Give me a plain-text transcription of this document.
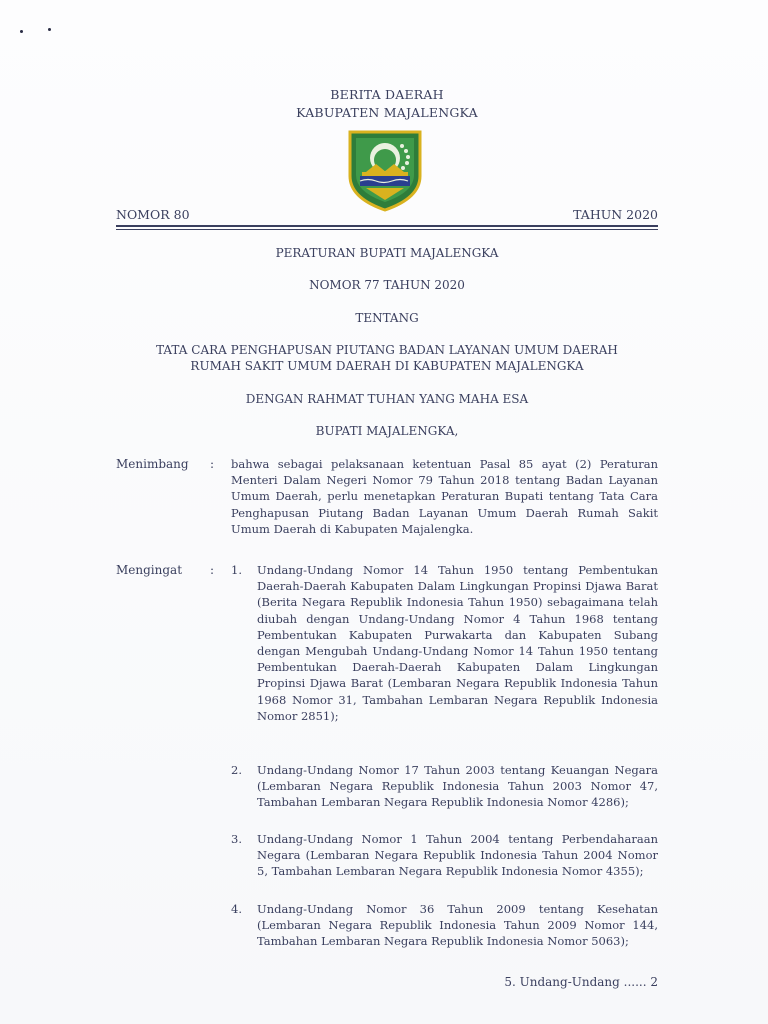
BERITA DAERAH
KABUPATEN MAJALENGKA
NOMOR 80	TAHUN 2020
PERATURAN BUPATI MAJALENGKA
NOMOR 77 TAHUN 2020
TENTANG
TATA CARA PENGHAPUSAN PIUTANG BADAN LAYANAN UMUM DAERAH
RUMAH SAKIT UMUM DAERAH DI KABUPATEN MAJALENGKA
DENGAN RAHMAT TUHAN YANG MAHA ESA
BUPATI MAJALENGKA,
Menimbang : bahwa sebagai pelaksanaan ketentuan Pasal 85 ayat (2) Peraturan Menteri Dalam Negeri Nomor 79 Tahun 2018 tentang Badan Layanan Umum Daerah, perlu menetapkan Peraturan Bupati tentang Tata Cara Penghapusan Piutang Badan Layanan Umum Daerah Rumah Sakit Umum Daerah di Kabupaten Majalengka.
Mengingat : 1. Undang-Undang Nomor 14 Tahun 1950 tentang Pembentukan Daerah-Daerah Kabupaten Dalam Lingkungan Propinsi Djawa Barat (Berita Negara Republik Indonesia Tahun 1950) sebagaimana telah diubah dengan Undang-Undang Nomor 4 Tahun 1968 tentang Pembentukan Kabupaten Purwakarta dan Kabupaten Subang dengan Mengubah Undang-Undang Nomor 14 Tahun 1950 tentang Pembentukan Daerah-Daerah Kabupaten Dalam Lingkungan Propinsi Djawa Barat (Lembaran Negara Republik Indonesia Tahun 1968 Nomor 31, Tambahan Lembaran Negara Republik Indonesia Nomor 2851);
2. Undang-Undang Nomor 17 Tahun 2003 tentang Keuangan Negara (Lembaran Negara Republik Indonesia Tahun 2003 Nomor 47, Tambahan Lembaran Negara Republik Indonesia Nomor 4286);
3. Undang-Undang Nomor 1 Tahun 2004 tentang Perbendaharaan Negara (Lembaran Negara Republik Indonesia Tahun 2004 Nomor 5, Tambahan Lembaran Negara Republik Indonesia Nomor 4355);
4. Undang-Undang Nomor 36 Tahun 2009 tentang Kesehatan (Lembaran Negara Republik Indonesia Tahun 2009 Nomor 144, Tambahan Lembaran Negara Republik Indonesia Nomor 5063);
5. Undang-Undang ...... 2
